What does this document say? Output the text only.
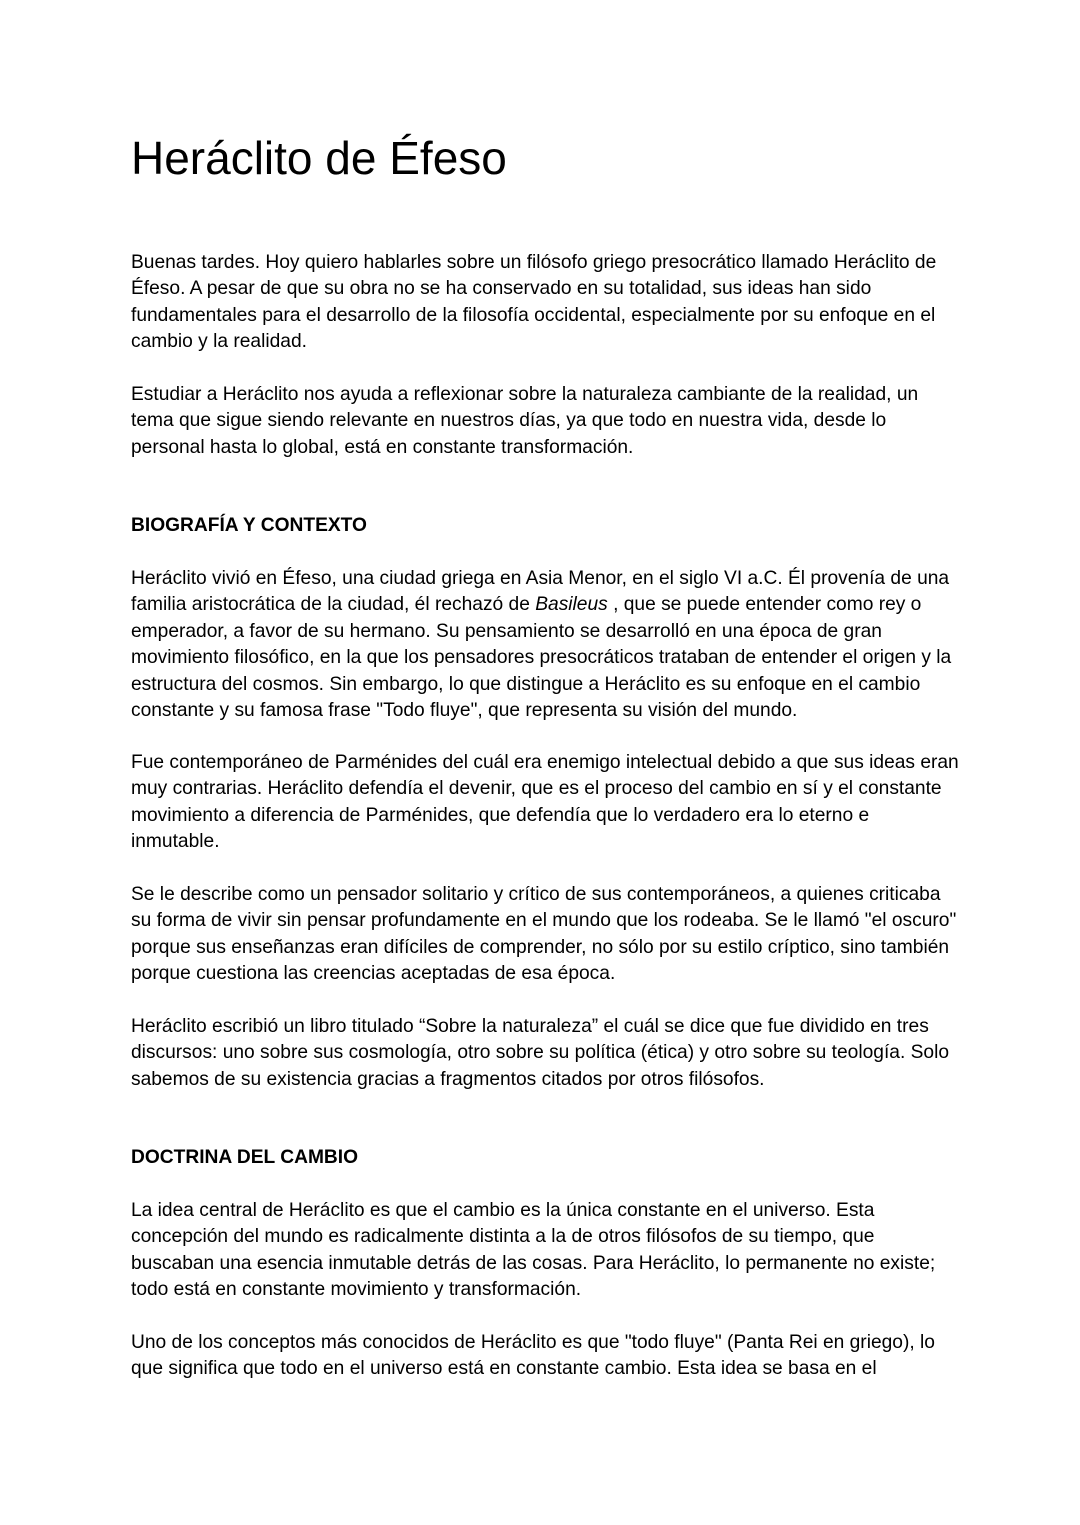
Heráclito de Éfeso

Buenas tardes. Hoy quiero hablarles sobre un filósofo griego presocrático llamado Heráclito de Éfeso. A pesar de que su obra no se ha conservado en su totalidad, sus ideas han sido fundamentales para el desarrollo de la filosofía occidental, especialmente por su enfoque en el cambio y la realidad.

Estudiar a Heráclito nos ayuda a reflexionar sobre la naturaleza cambiante de la realidad, un tema que sigue siendo relevante en nuestros días, ya que todo en nuestra vida, desde lo personal hasta lo global, está en constante transformación.

BIOGRAFÍA Y CONTEXTO

Heráclito vivió en Éfeso, una ciudad griega en Asia Menor, en el siglo VI a.C. Él provenía de una familia aristocrática de la ciudad, él rechazó de Basileus , que se puede entender como rey o emperador, a favor de su hermano. Su pensamiento se desarrolló en una época de gran movimiento filosófico, en la que los pensadores presocráticos trataban de entender el origen y la estructura del cosmos. Sin embargo, lo que distingue a Heráclito es su enfoque en el cambio constante y su famosa frase "Todo fluye", que representa su visión del mundo.

Fue contemporáneo de Parménides del cuál era enemigo intelectual debido a que sus ideas eran muy contrarias. Heráclito defendía el devenir, que es el proceso del cambio en sí y el constante movimiento a diferencia de Parménides, que defendía que lo verdadero era lo eterno e inmutable.

Se le describe como un pensador solitario y crítico de sus contemporáneos, a quienes criticaba su forma de vivir sin pensar profundamente en el mundo que los rodeaba. Se le llamó "el oscuro" porque sus enseñanzas eran difíciles de comprender, no sólo por su estilo críptico, sino también porque cuestiona las creencias aceptadas de esa época.

Heráclito escribió un libro titulado “Sobre la naturaleza” el cuál se dice que fue dividido en tres discursos: uno sobre sus cosmología, otro sobre su política (ética) y otro sobre su teología. Solo sabemos de su existencia gracias a fragmentos citados por otros filósofos.

DOCTRINA DEL CAMBIO

La idea central de Heráclito es que el cambio es la única constante en el universo. Esta concepción del mundo es radicalmente distinta a la de otros filósofos de su tiempo, que buscaban una esencia inmutable detrás de las cosas. Para Heráclito, lo permanente no existe; todo está en constante movimiento y transformación.

Uno de los conceptos más conocidos de Heráclito es que "todo fluye" (Panta Rei en griego), lo que significa que todo en el universo está en constante cambio. Esta idea se basa en el
